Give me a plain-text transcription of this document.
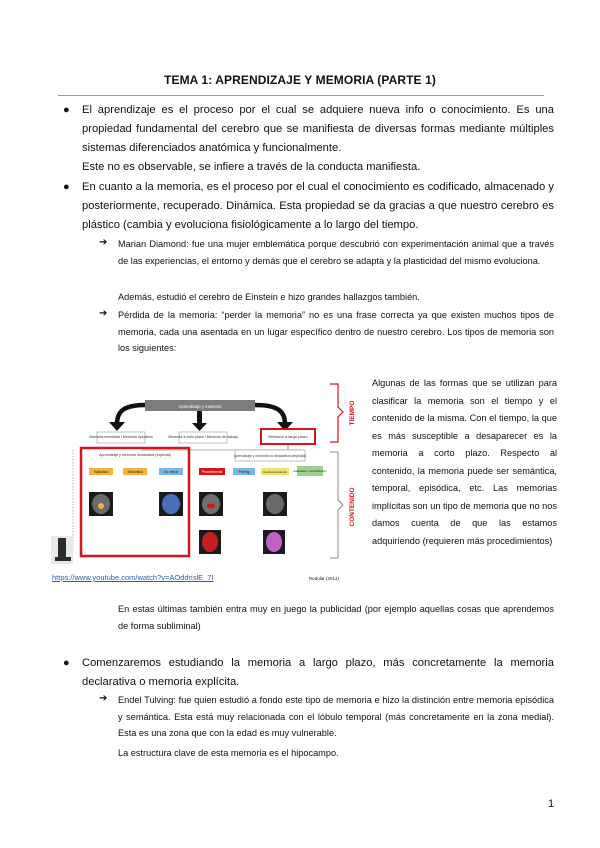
TEMA 1: APRENDIZAJE Y MEMORIA (PARTE 1)
● El aprendizaje es el proceso por el cual se adquiere nueva info o conocimiento. Es una propiedad fundamental del cerebro que se manifiesta de diversas formas mediante múltiples sistemas diferenciados anatómica y funcionalmente.
Este no es observable, se infiere a través de la conducta manifiesta.
● En cuanto a la memoria, es el proceso por el cual el conocimiento es codificado, almacenado y posteriormente, recuperado. Dinámica. Esta propiedad se da gracias a que nuestro cerebro es plástico (cambia y evoluciona fisiológicamente a lo largo del tiempo.
➔ Marian Diamond: fue una mujer emblemática porque descubrió con experimentación animal que a través de las experiencias, el entorno y demás que el cerebro se adapta y la plasticidad del mismo evoluciona.
Además, estudió el cerebro de Einstein e hizo grandes hallazgos también.
➔ Pérdida de la memoria: “perder la memoria” no es una frase correcta ya que existen muchos tipos de memoria, cada una asentada en un lugar específico dentro de nuestro cerebro. Los tipos de memoria son los siguientes:
Aprendizaje y memoria
Memoria inmediata / Memoria operativa	Memoria a corto plazo / Memoria de trabajo	Memoria a largo plazo
TIEMPO
Aprendizaje y memoria declarativa (explícita)	Aprendizaje y memoria no declarativa (implícita)
Episódica	Semántica	No verbal	Procedimental	Priming	Condicionamiento Habituación y sensibilización
CONTENIDO
Redolar (2014)
https://www.youtube.com/watch?v=AOddnslE_7I
Algunas de las formas que se utilizan para clasificar la memoria son el tiempo y el contenido de la misma. Con el tiempo, la que es más susceptible a desaparecer es la memoria a corto plazo. Respecto al contenido, la memoria puede ser semántica, temporal, episódica, etc. Las memorias implícitas son un tipo de memoria que no nos damos cuenta de que las estamos adquiriendo (requieren más procedimientos)
En estas últimas también entra muy en juego la publicidad (por ejemplo aquellas cosas que aprendemos de forma subliminal)
● Comenzaremos estudiando la memoria a largo plazo, más concretamente la memoria declarativa o memoria explícita.
➔ Endel Tulving: fue quien estudió a fondo este tipo de memoria e hizo la distinción entre memoria episódica y semántica. Esta está muy relacionada con el lóbulo temporal (más concretamente en la zona medial). Esta es una zona que con la edad es muy vulnerable.
La estructura clave de esta memoria es el hipocampo.
1
